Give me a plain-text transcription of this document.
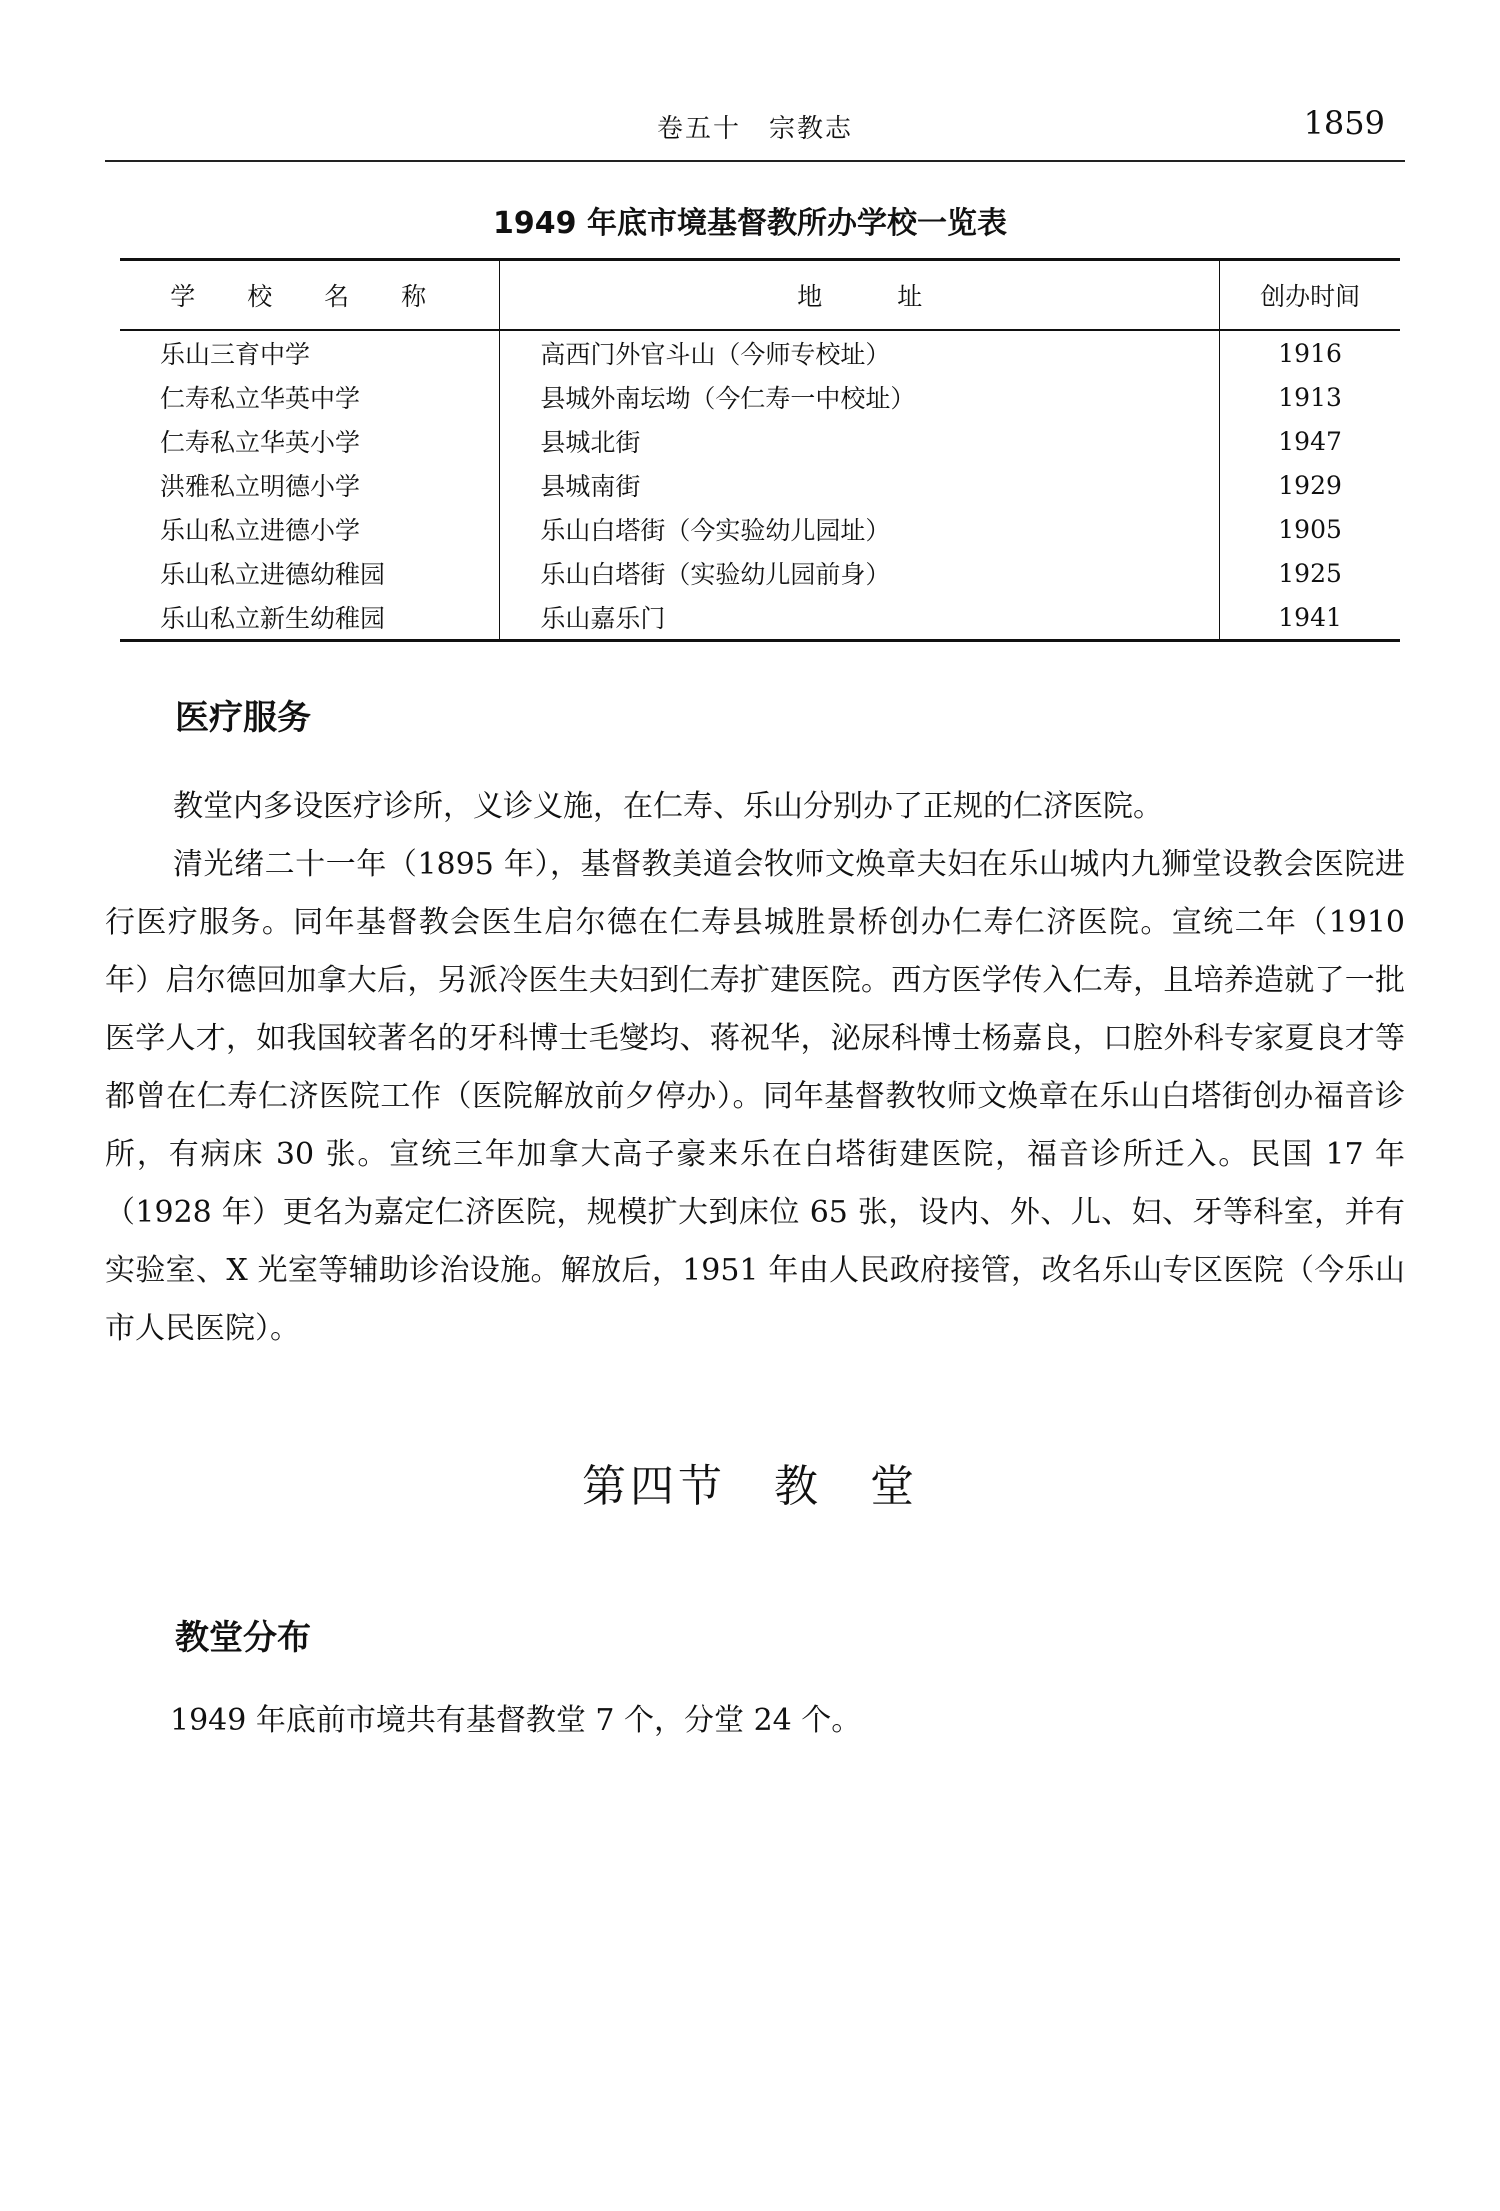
卷五十　宗教志	1859
1949 年底市境基督教所办学校一览表
学 校 名 称	地　　　址	创办时间
乐山三育中学	高西门外官斗山（今师专校址）	1916
仁寿私立华英中学	县城外南坛坳（今仁寿一中校址）	1913
仁寿私立华英小学	县城北街	1947
洪雅私立明德小学	县城南街	1929
乐山私立进德小学	乐山白塔街（今实验幼儿园址）	1905
乐山私立进德幼稚园	乐山白塔街（实验幼儿园前身）	1925
乐山私立新生幼稚园	乐山嘉乐门	1941
医疗服务
教堂内多设医疗诊所，义诊义施，在仁寿、乐山分别办了正规的仁济医院。
清光绪二十一年（1895 年），基督教美道会牧师文焕章夫妇在乐山城内九狮堂设教会医院进行医疗服务。同年基督教会医生启尔德在仁寿县城胜景桥创办仁寿仁济医院。宣统二年（1910 年）启尔德回加拿大后，另派冷医生夫妇到仁寿扩建医院。西方医学传入仁寿，且培养造就了一批医学人才，如我国较著名的牙科博士毛燮均、蒋祝华，泌尿科博士杨嘉良，口腔外科专家夏良才等都曾在仁寿仁济医院工作（医院解放前夕停办）。同年基督教牧师文焕章在乐山白塔街创办福音诊所，有病床 30 张。宣统三年加拿大高子豪来乐在白塔街建医院，福音诊所迁入。民国 17 年（1928 年）更名为嘉定仁济医院，规模扩大到床位 65 张，设内、外、儿、妇、牙等科室，并有实验室、X 光室等辅助诊治设施。解放后，1951 年由人民政府接管，改名乐山专区医院（今乐山市人民医院）。
第四节　教　堂
教堂分布
1949 年底前市境共有基督教堂 7 个，分堂 24 个。
